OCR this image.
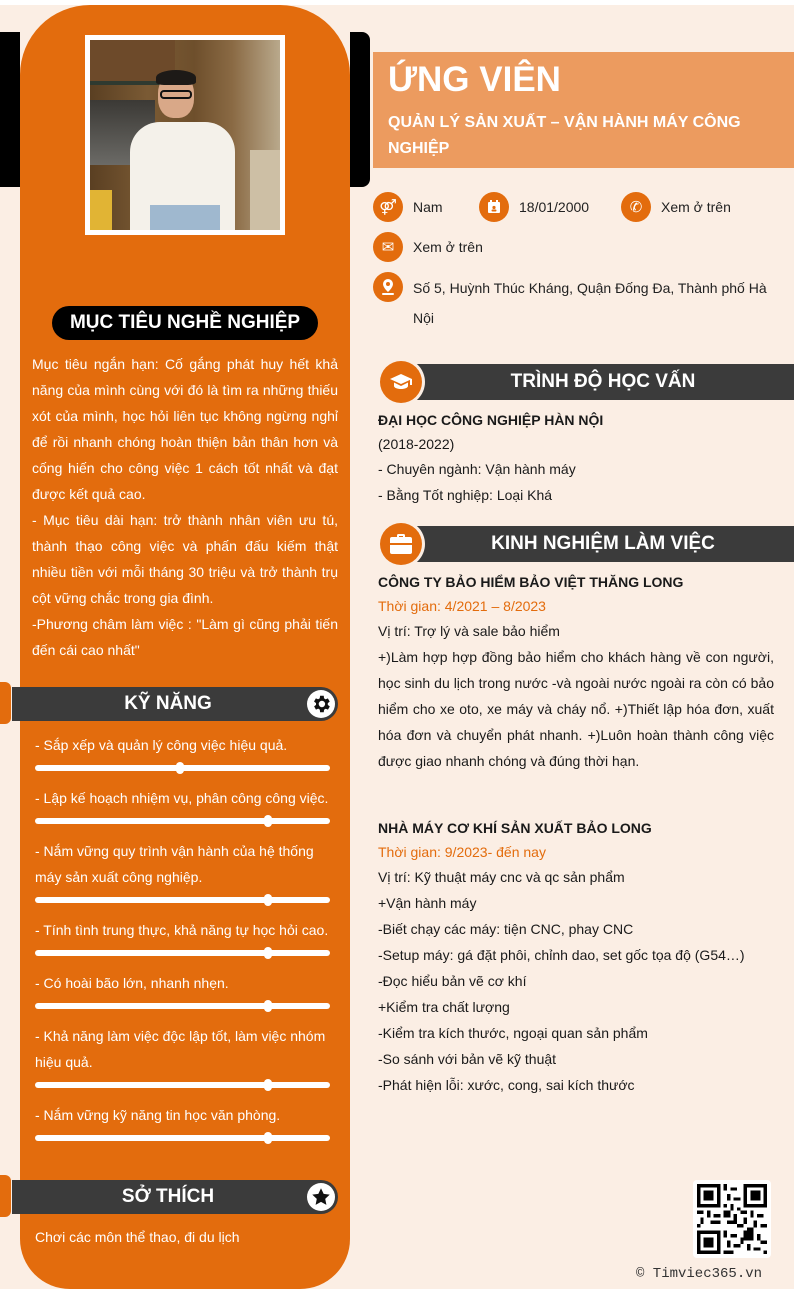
MỤC TIÊU NGHỀ NGHIỆP

Mục tiêu ngắn hạn: Cố gắng phát huy hết khả năng của mình cùng với đó là tìm ra những thiếu xót của mình, học hỏi liên tục không ngừng nghỉ để rồi nhanh chóng hoàn thiện bản thân hơn và cống hiến cho công việc 1 cách tốt nhất và đạt được kết quả cao.

- Mục tiêu dài hạn: trở thành nhân viên ưu tú, thành thạo công việc và phấn đấu kiếm thật nhiều tiền với mỗi tháng 30 triệu và trở thành trụ cột vững chắc trong gia đình.

-Phương châm làm việc : "Làm gì cũng phải tiến đến cái cao nhất"

KỸ NĂNG
- Sắp xếp và quản lý công việc hiệu quả.
- Lập kế hoạch nhiệm vụ, phân công công việc.
- Nắm vững quy trình vận hành của hệ thống máy sản xuất công nghiệp.
- Tính tình trung thực, khả năng tự học hỏi cao.
- Có hoài bão lớn, nhanh nhẹn.
- Khả năng làm việc độc lập tốt, làm việc nhóm hiệu quả.
- Nắm vững kỹ năng tin học văn phòng.
SỞ THÍCH
Chơi các môn thể thao, đi du lịch
ỨNG VIÊN
QUẢN LÝ SẢN XUẤT – VẬN HÀNH MÁY CÔNG NGHIỆP
⚤	Nam	18/01/2000	✆	Xem ở trên
✉	Xem ở trên
Số 5, Huỳnh Thúc Kháng, Quận Đống Đa, Thành phố Hà Nội
TRÌNH ĐỘ HỌC VẤN
ĐẠI HỌC CÔNG NGHIỆP HÀN NỘI
(2018-2022)
- Chuyên ngành: Vận hành máy
- Bằng Tốt nghiệp: Loại Khá
KINH NGHIỆM LÀM VIỆC
CÔNG TY BẢO HIỂM BẢO VIỆT THĂNG LONG
Thời gian: 4/2021 – 8/2023
Vị trí: Trợ lý và sale bảo hiểm
+)Làm hợp hợp đồng bảo hiểm cho khách hàng về con người, học sinh du lịch trong nước -và ngoài nước ngoài ra còn có bảo hiểm cho xe oto, xe máy và cháy nổ. +)Thiết lập hóa đơn, xuất hóa đơn và chuyển phát nhanh. +)Luôn hoàn thành công việc được giao nhanh chóng và đúng thời hạn.
NHÀ MÁY CƠ KHÍ SẢN XUẤT BẢO LONG
Thời gian: 9/2023- đến nay
Vị trí: Kỹ thuật máy cnc và qc sản phẩm
+Vận hành máy
-Biết chạy các máy: tiện CNC, phay CNC
-Setup máy: gá đặt phôi, chỉnh dao, set gốc tọa độ (G54…)
-Đọc hiểu bản vẽ cơ khí
+Kiểm tra chất lượng
-Kiểm tra kích thước, ngoại quan sản phẩm
-So sánh với bản vẽ kỹ thuật
-Phát hiện lỗi: xước, cong, sai kích thước
© Timviec365.vn
